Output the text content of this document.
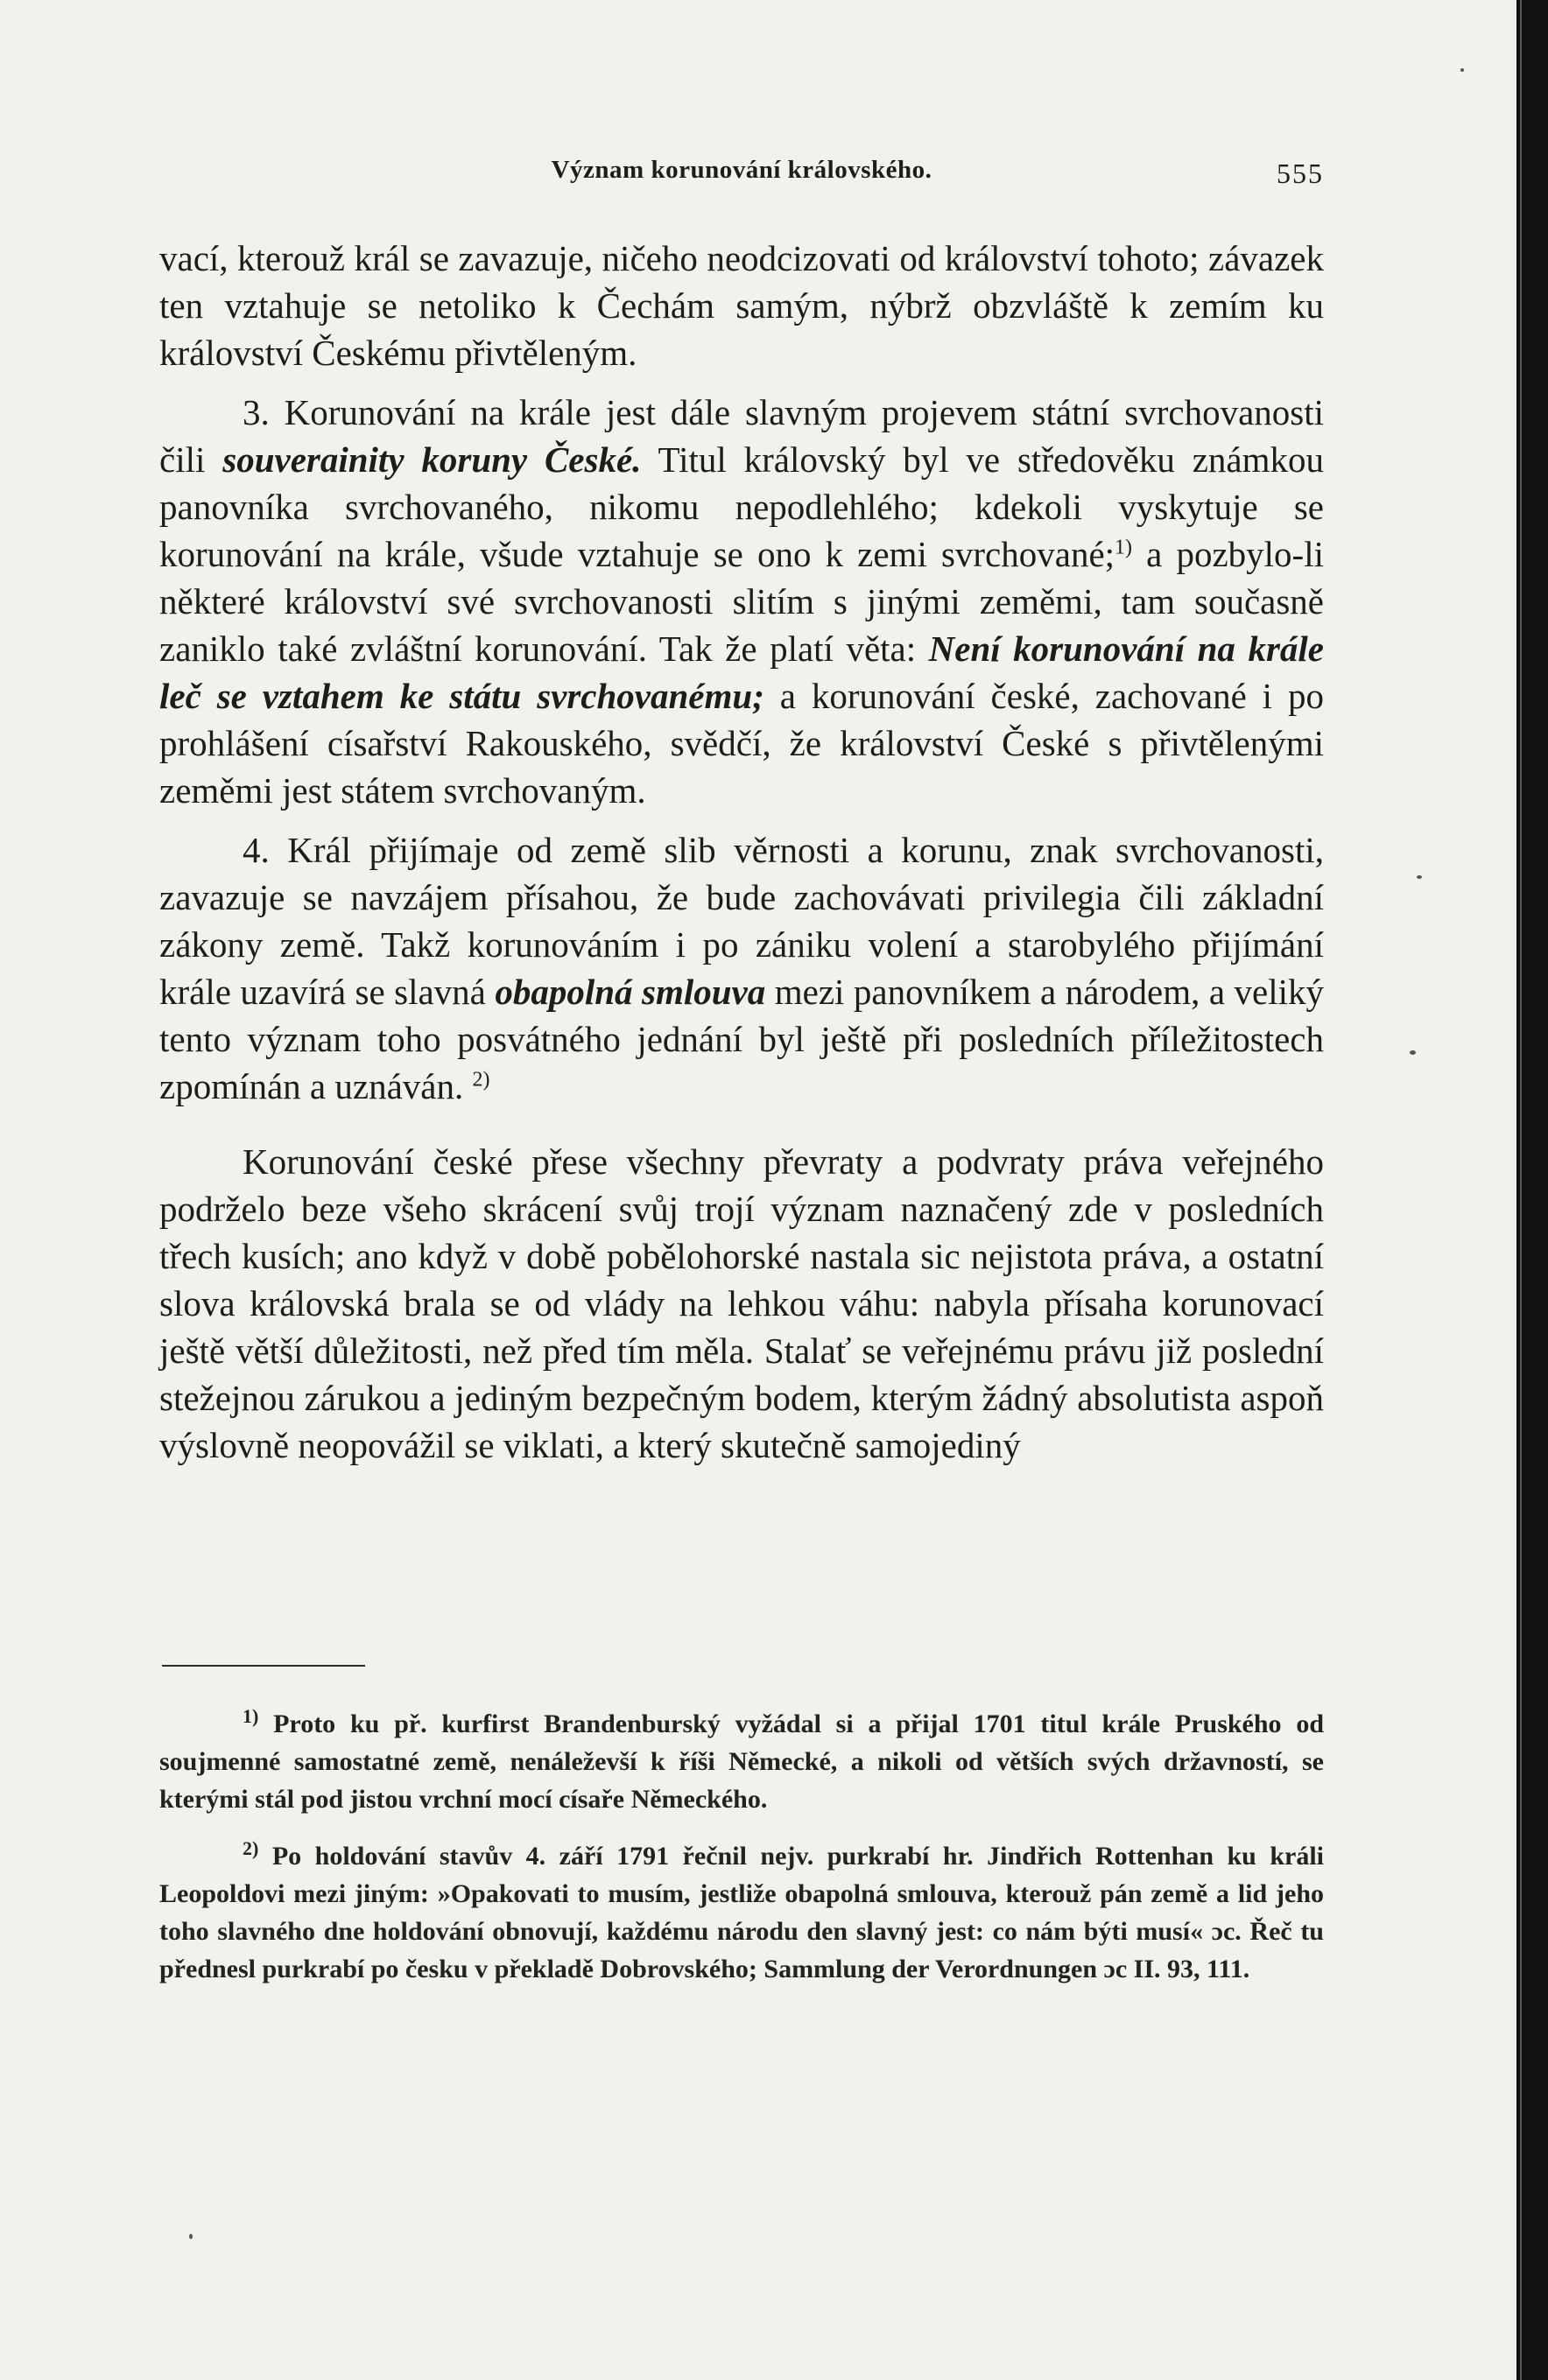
Význam korunování královského.	555

vací, kterouž král se zavazuje, ničeho neodcizovati od království tohoto; závazek ten vztahuje se netoliko k Čechám samým, nýbrž obzvláště k zemím ku království Českému přivtěleným.

3. Korunování na krále jest dále slavným projevem státní svrchovanosti čili souverainity koruny České. Titul královský byl ve středověku známkou panovníka svrchovaného, nikomu nepodlehlého; kdekoli vyskytuje se korunování na krále, všude vztahuje se ono k zemi svrchované;$^{1)}$ a pozbylo-li některé království své svrchovanosti slitím s jinými zeměmi, tam současně zaniklo také zvláštní korunování. Tak že platí věta: Není korunování na krále leč se vztahem ke státu svrchovanému; a korunování české, zachované i po prohlášení císařství Rakouského, svědčí, že království České s přivtělenými zeměmi jest státem svrchovaným.

4. Král přijímaje od země slib věrnosti a korunu, znak svrchovanosti, zavazuje se navzájem přísahou, že bude zachovávati privilegia čili základní zákony země. Takž korunováním i po zániku volení a starobylého přijímání krále uzavírá se slavná obapolná smlouva mezi panovníkem a národem, a veliký tento význam toho posvátného jednání byl ještě při posledních příležitostech zpomínán a uznáván. $^{2)}$

Korunování české přese všechny převraty a podvraty práva veřejného podrželo beze všeho skrácení svůj trojí význam naznačený zde v posledních třech kusích; ano když v době pobělohorské nastala sic nejistota práva, a ostatní slova královská brala se od vlády na lehkou váhu: nabyla přísaha korunovací ještě větší důležitosti, než před tím měla. Stalať se veřejnému právu již poslední stežejnou zárukou a jediným bezpečným bodem, kterým žádný absolutista aspoň výslovně neopovážil se viklati, a který skutečně samojediný

$^{1)}$ Proto ku př. kurfirst Brandenburský vyžádal si a přijal 1701 titul krále Pruského od soujmenné samostatné země, nenáleževší k říši Německé, a nikoli od větších svých državností, se kterými stál pod jistou vrchní mocí císaře Německého.

$^{2)}$ Po holdování stavův 4. září 1791 řečnil nejv. purkrabí hr. Jindřich Rottenhan ku králi Leopoldovi mezi jiným: »Opakovati to musím, jestliže obapolná smlouva, kterouž pán země a lid jeho toho slavného dne holdování obnovují, každému národu den slavný jest: co nám býti musí« ɔc. Řeč tu přednesl purkrabí po česku v překladě Dobrovského; Sammlung der Verordnungen ɔc II. 93, 111.
